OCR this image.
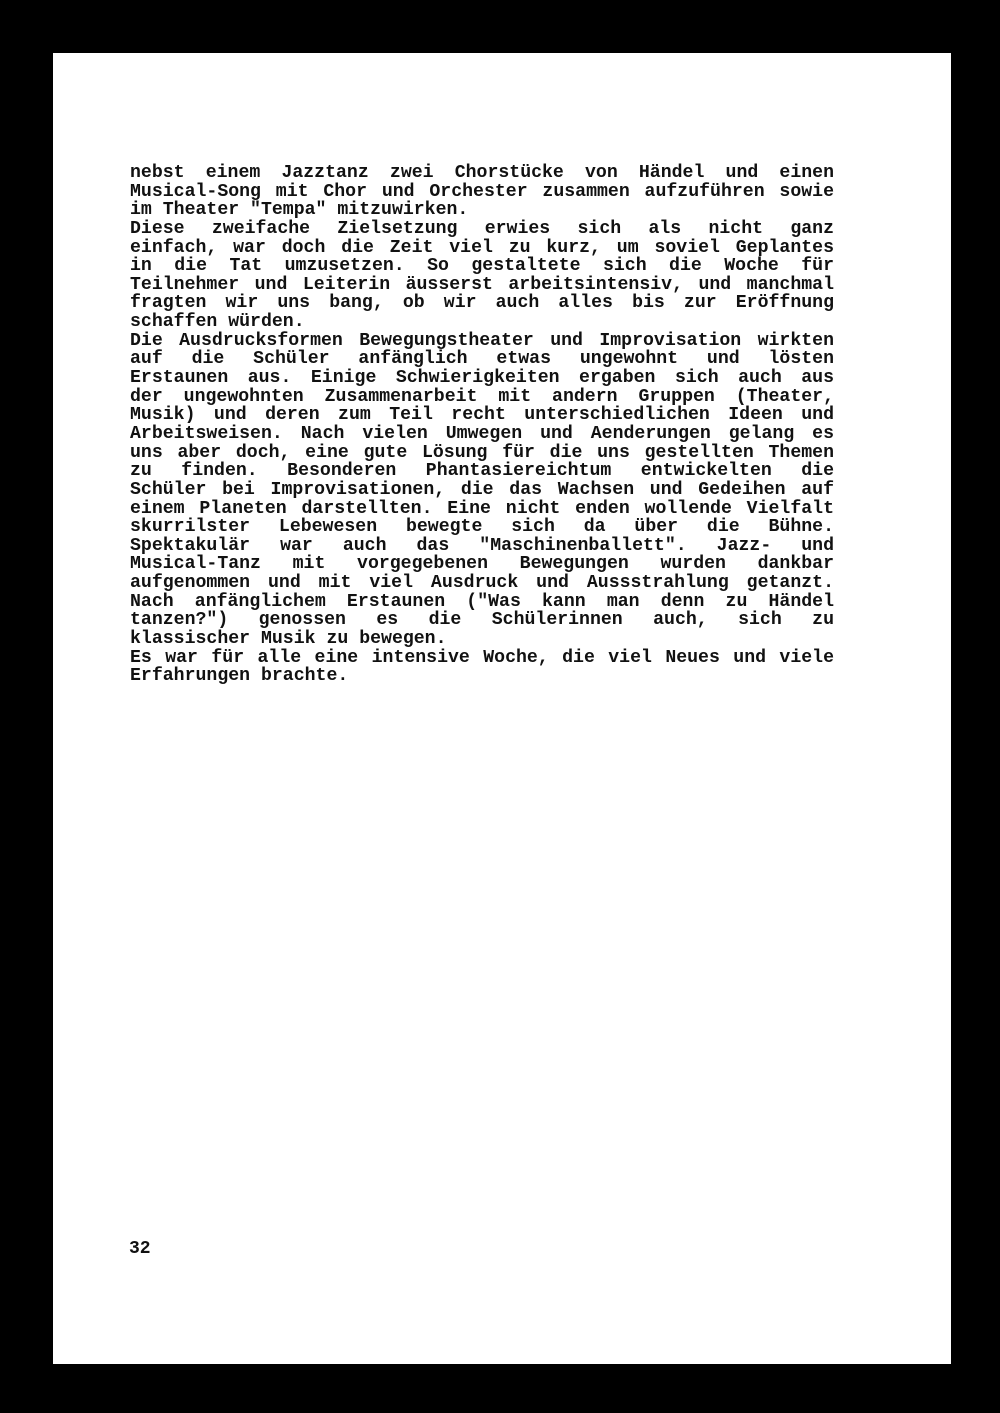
nebst einem Jazztanz zwei Chorstücke von Händel und einen
Musical-Song mit Chor und Orchester zusammen aufzuführen sowie
im Theater "Tempa" mitzuwirken.
Diese zweifache Zielsetzung erwies sich als nicht ganz
einfach, war doch die Zeit viel zu kurz, um soviel Geplantes
in die Tat umzusetzen. So gestaltete sich die Woche für
Teilnehmer und Leiterin äusserst arbeitsintensiv, und manchmal
fragten wir uns bang, ob wir auch alles bis zur Eröffnung
schaffen würden.
Die Ausdrucksformen Bewegungstheater und Improvisation wirkten
auf die Schüler anfänglich etwas ungewohnt und lösten
Erstaunen aus. Einige Schwierigkeiten ergaben sich auch aus
der ungewohnten Zusammenarbeit mit andern Gruppen (Theater,
Musik) und deren zum Teil recht unterschiedlichen Ideen und
Arbeitsweisen. Nach vielen Umwegen und Aenderungen gelang es
uns aber doch, eine gute Lösung für die uns gestellten Themen
zu finden. Besonderen Phantasiereichtum entwickelten die
Schüler bei Improvisationen, die das Wachsen und Gedeihen auf
einem Planeten darstellten. Eine nicht enden wollende Vielfalt
skurrilster Lebewesen bewegte sich da über die Bühne.
Spektakulär war auch das "Maschinenballett". Jazz- und
Musical-Tanz mit vorgegebenen Bewegungen wurden dankbar
aufgenommen und mit viel Ausdruck und Aussstrahlung getanzt.
Nach anfänglichem Erstaunen ("Was kann man denn zu Händel
tanzen?") genossen es die Schülerinnen auch, sich zu
klassischer Musik zu bewegen.
Es war für alle eine intensive Woche, die viel Neues und viele
Erfahrungen brachte.
32
